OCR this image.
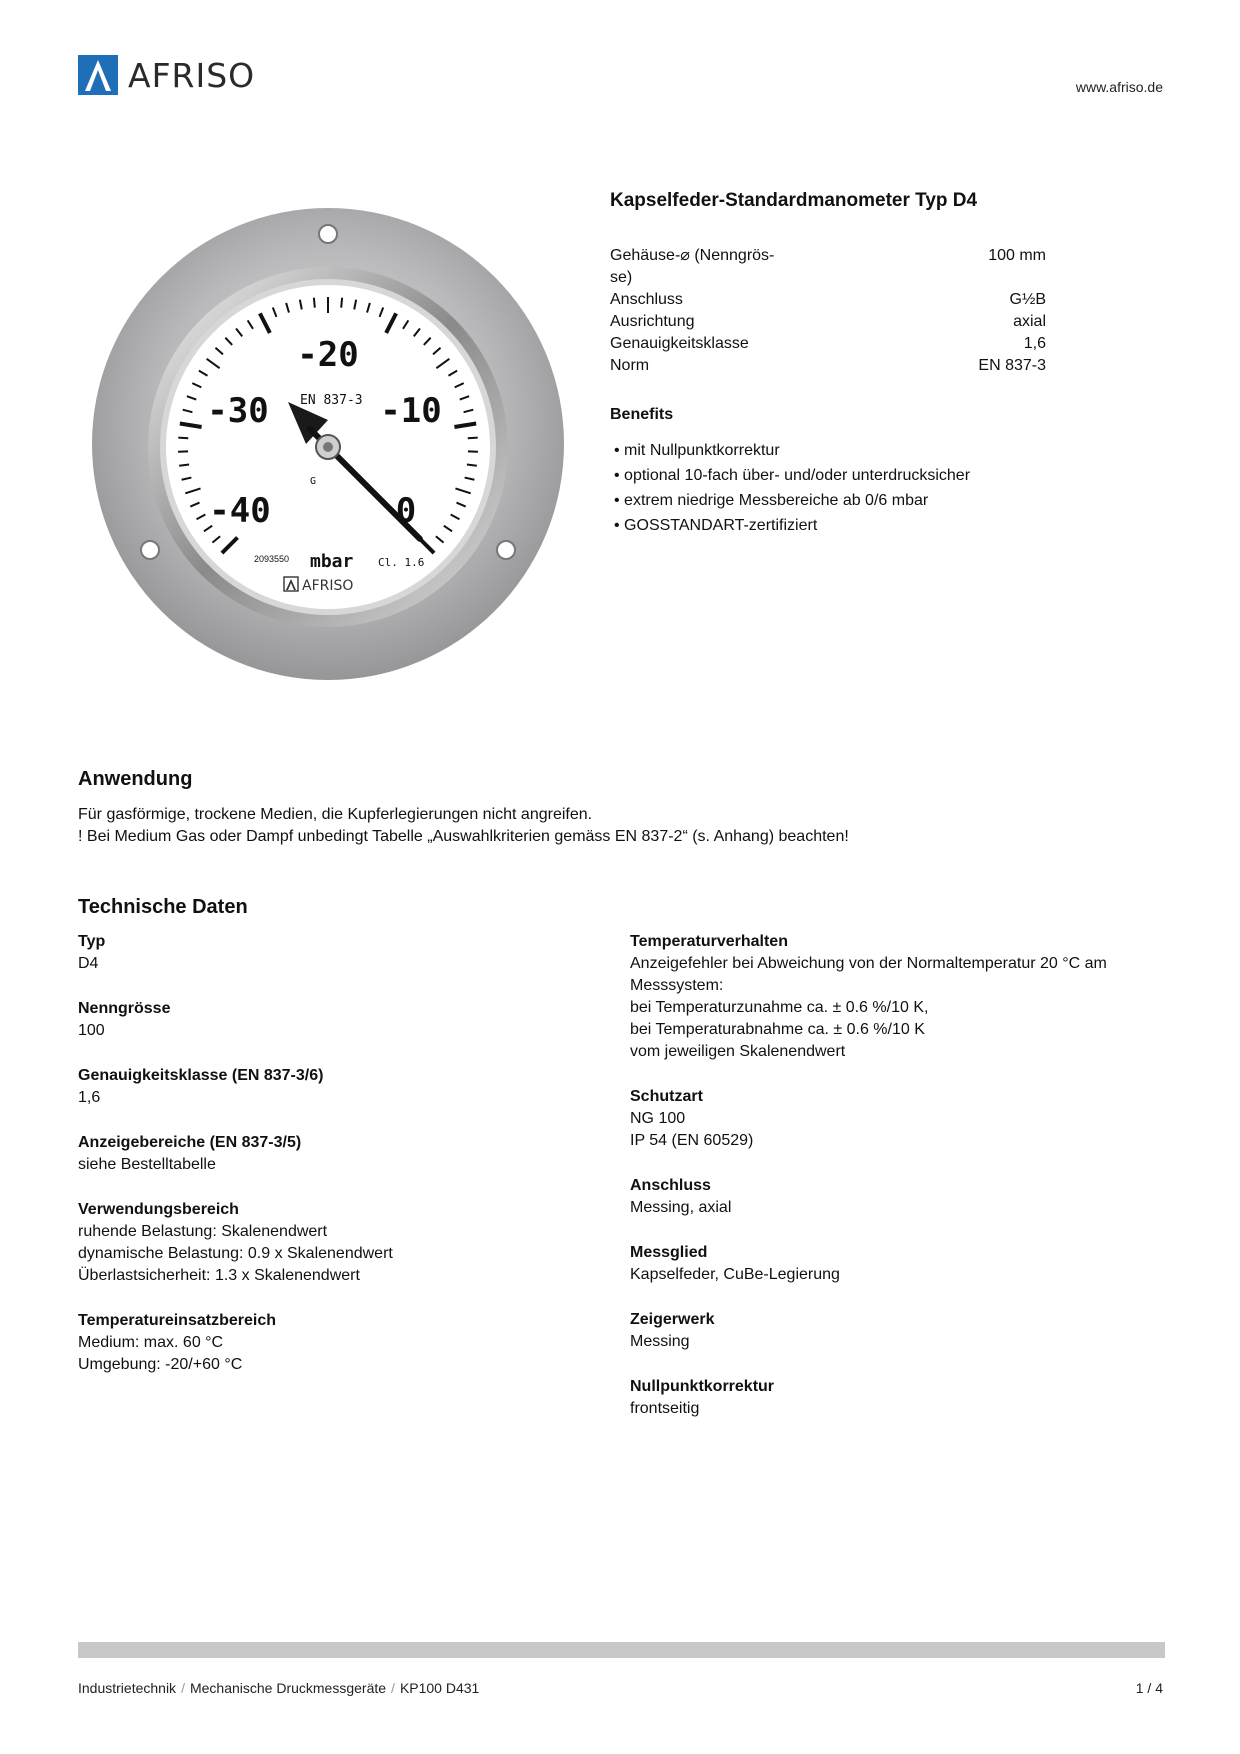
AFRISO	www.afriso.de
-20
-30	-10
-40	0
EN 837-3
G
2093550 mbar Cl. 1.6
AFRISO
Kapselfeder-Standardmanometer Typ D4
Gehäuse-⌀ (Nenngrös-	100 mm
se)
Anschluss	G½B
Ausrichtung	axial
Genauigkeitsklasse	1,6
Norm	EN 837-3
Benefits
• mit Nullpunktkorrektur
• optional 10-fach über- und/oder unterdrucksicher
• extrem niedrige Messbereiche ab 0/6 mbar
• GOSSTANDART-zertifiziert
Anwendung
Für gasförmige, trockene Medien, die Kupferlegierungen nicht angreifen.
! Bei Medium Gas oder Dampf unbedingt Tabelle „Auswahlkriterien gemäss EN 837-2“ (s. Anhang) beachten!
Technische Daten
Typ
D4
Nenngrösse
100
Genauigkeitsklasse (EN 837-3/6)
1,6
Anzeigebereiche (EN 837-3/5)
siehe Bestelltabelle
Verwendungsbereich
ruhende Belastung: Skalenendwert
dynamische Belastung: 0.9 x Skalenendwert
Überlastsicherheit: 1.3 x Skalenendwert
Temperatureinsatzbereich
Medium: max. 60 °C
Umgebung: -20/+60 °C
Temperaturverhalten
Anzeigefehler bei Abweichung von der Normaltemperatur 20 °C am
Messsystem:
bei Temperaturzunahme ca. ± 0.6 %/10 K,
bei Temperaturabnahme ca. ± 0.6 %/10 K
vom jeweiligen Skalenendwert
Schutzart
NG 100
IP 54 (EN 60529)
Anschluss
Messing, axial
Messglied
Kapselfeder, CuBe-Legierung
Zeigerwerk
Messing
Nullpunktkorrektur
frontseitig
Industrietechnik / Mechanische Druckmessgeräte / KP100 D431	1 / 4
